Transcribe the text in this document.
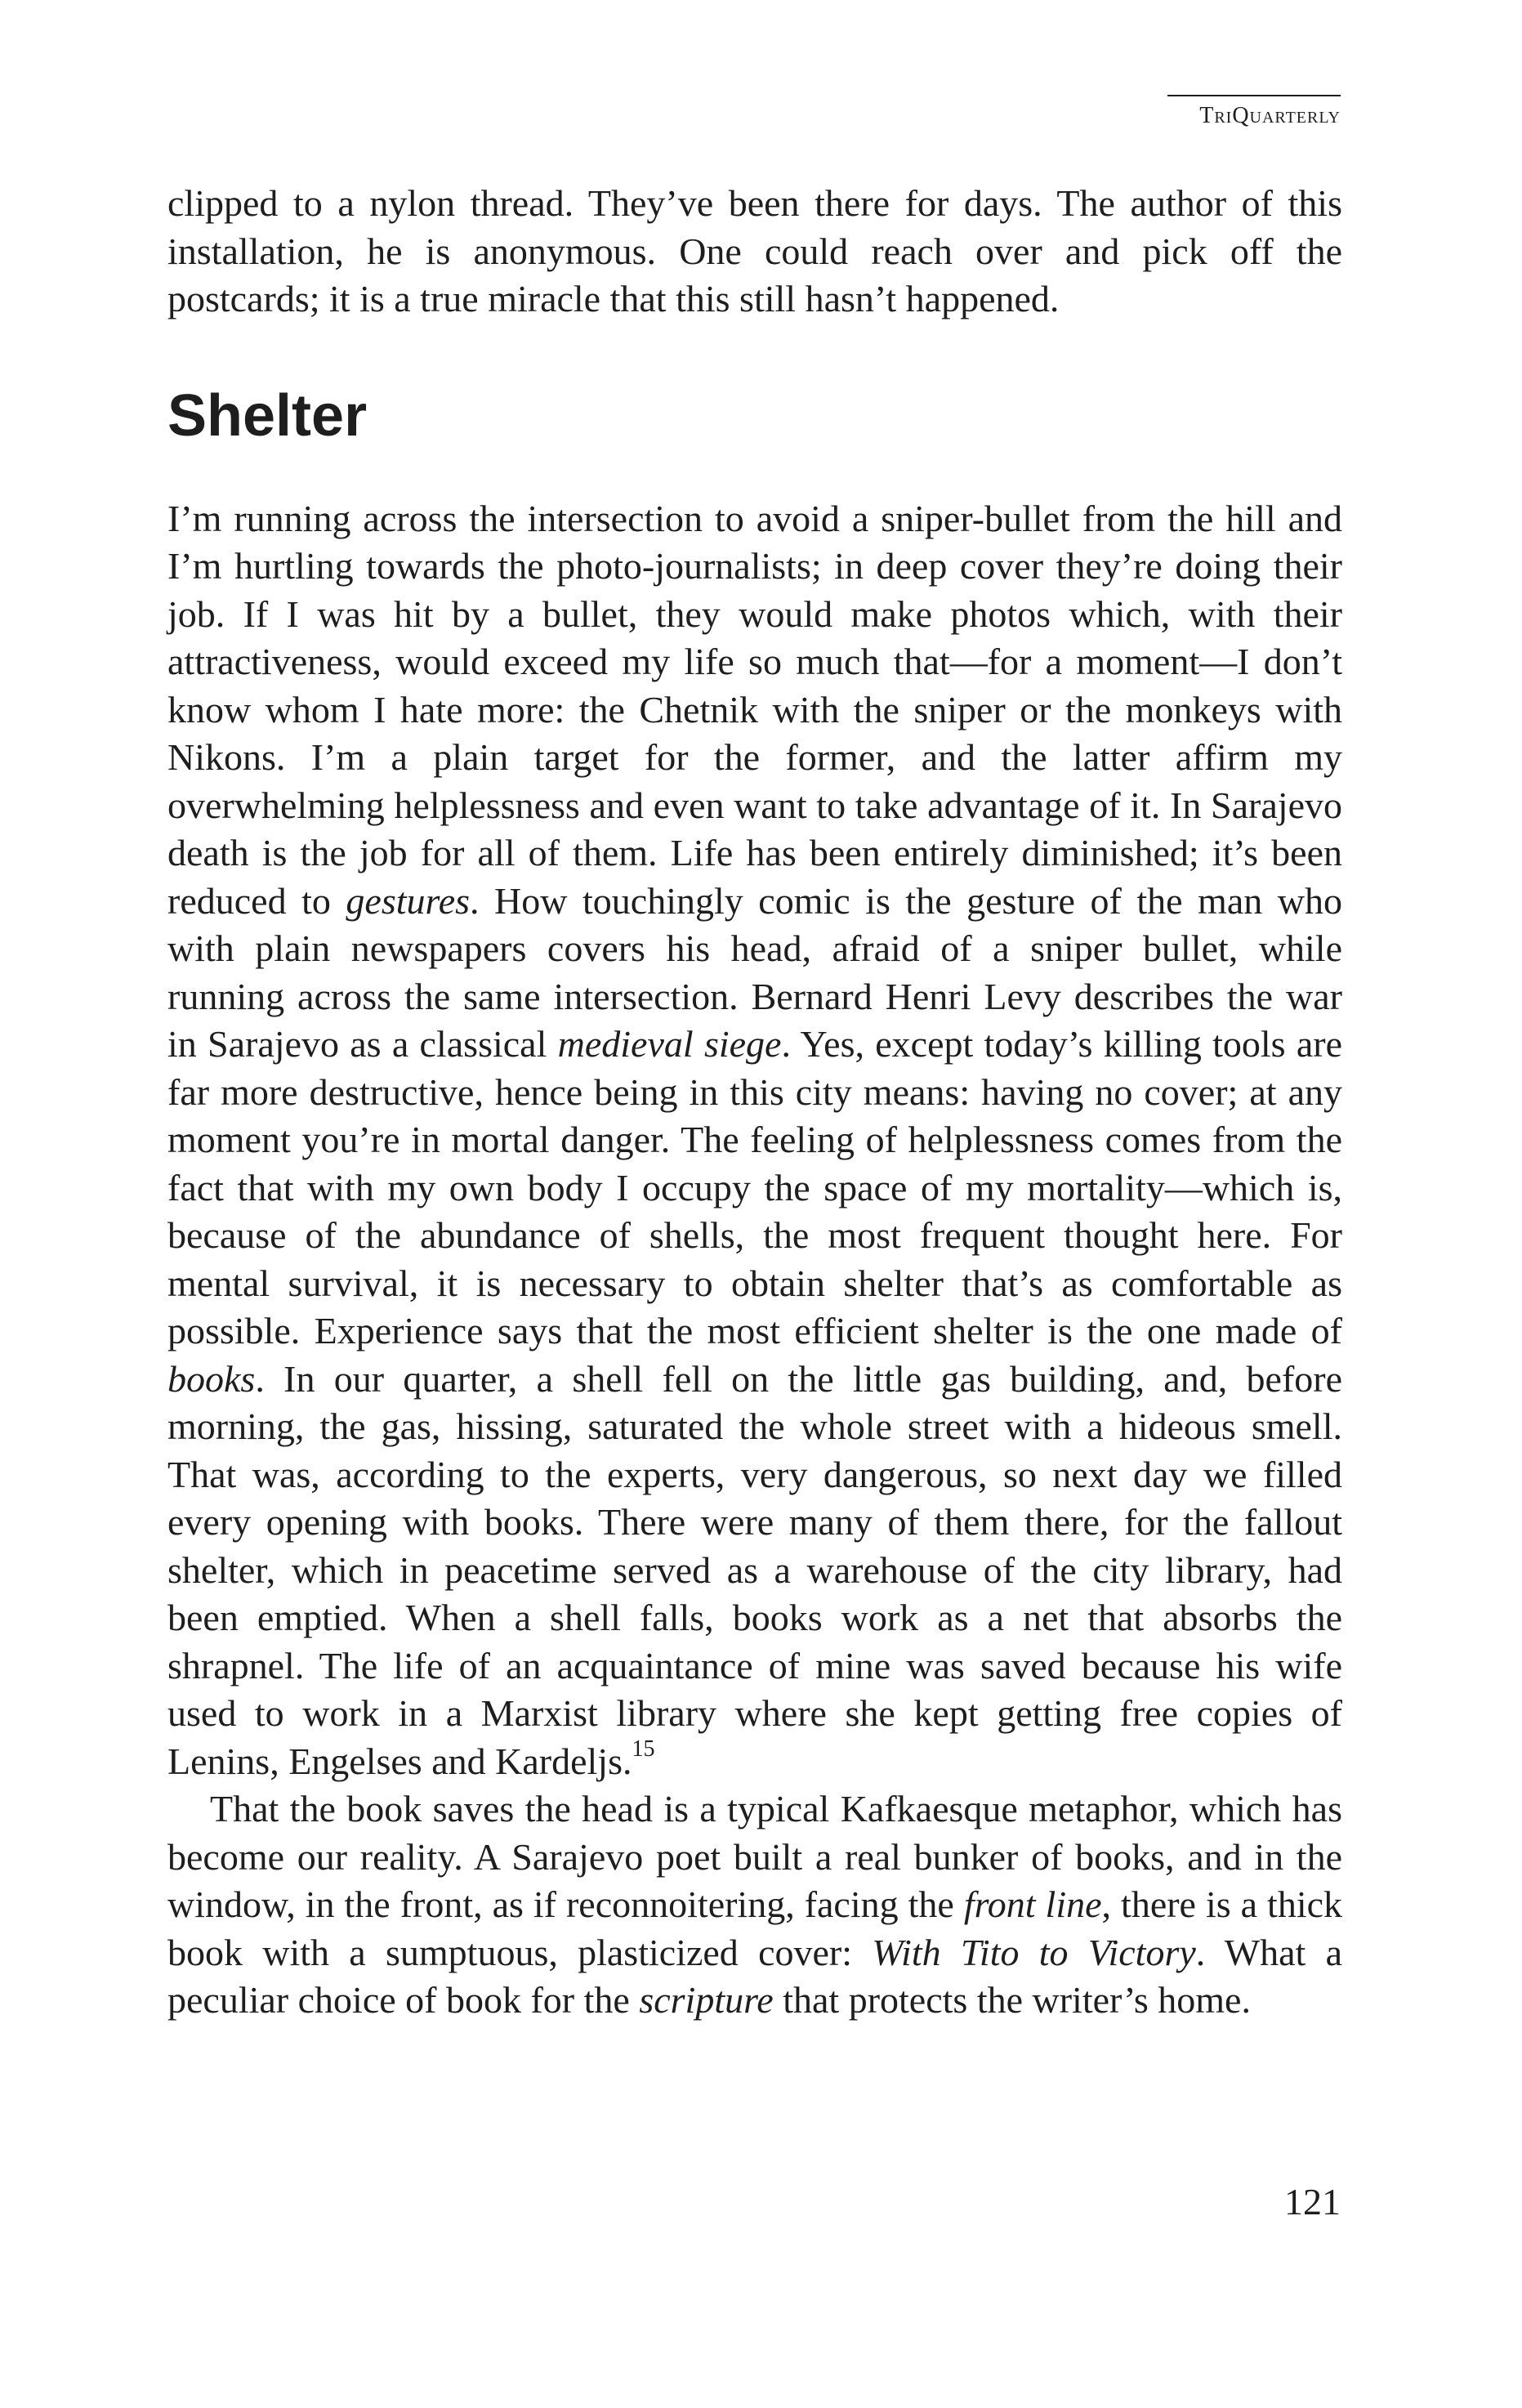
TriQuarterly

clipped to a nylon thread. They’ve been there for days. The author of this installation, he is anonymous. One could reach over and pick off the postcards; it is a true miracle that this still hasn’t happened.

Shelter

I’m running across the intersection to avoid a sniper-bullet from the hill and I’m hurtling towards the photo-journalists; in deep cover they’re doing their job. If I was hit by a bullet, they would make photos which, with their attractiveness, would exceed my life so much that—for a moment—I don’t know whom I hate more: the Chetnik with the sniper or the monkeys with Nikons. I’m a plain target for the former, and the latter affirm my overwhelming helplessness and even want to take advantage of it. In Sarajevo death is the job for all of them. Life has been entirely diminished; it’s been reduced to gestures. How touchingly comic is the gesture of the man who with plain newspapers covers his head, afraid of a sniper bullet, while running across the same intersection. Bernard Henri Levy describes the war in Sarajevo as a classical medieval siege. Yes, except today’s killing tools are far more destructive, hence being in this city means: having no cover; at any moment you’re in mortal danger. The feeling of helplessness comes from the fact that with my own body I occupy the space of my mortality—which is, because of the abundance of shells, the most frequent thought here. For mental survival, it is necessary to obtain shelter that’s as comfortable as possible. Experience says that the most efficient shelter is the one made of books. In our quarter, a shell fell on the little gas building, and, before morning, the gas, hissing, saturated the whole street with a hideous smell. That was, according to the experts, very dangerous, so next day we filled every opening with books. There were many of them there, for the fallout shelter, which in peacetime served as a warehouse of the city library, had been emptied. When a shell falls, books work as a net that absorbs the shrapnel. The life of an acquaintance of mine was saved because his wife used to work in a Marxist library where she kept getting free copies of Lenins, Engelses and Kardeljs.$^{15}$

That the book saves the head is a typical Kafkaesque metaphor, which has become our reality. A Sarajevo poet built a real bunker of books, and in the window, in the front, as if reconnoitering, facing the front line, there is a thick book with a sumptuous, plasticized cover: With Tito to Victory. What a peculiar choice of book for the scripture that protects the writer’s home.

121
